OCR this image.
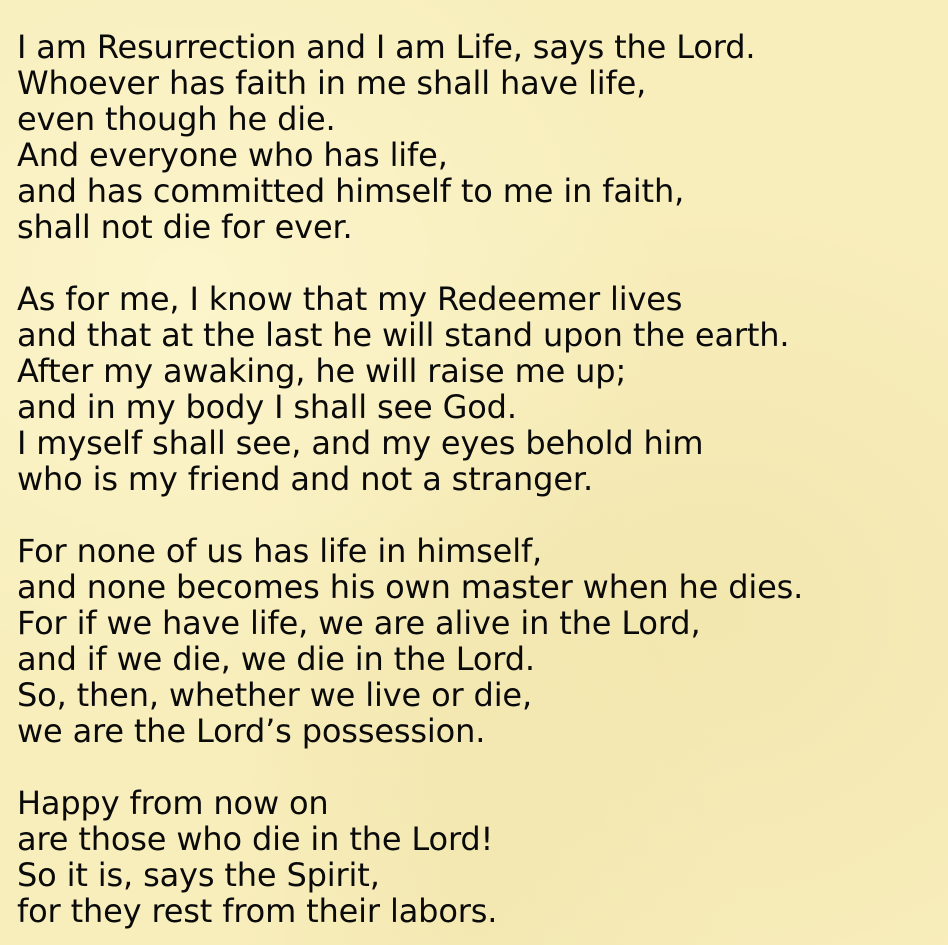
I am Resurrection and I am Life, says the Lord.
Whoever has faith in me shall have life,
even though he die.
And everyone who has life,
and has committed himself to me in faith,
shall not die for ever.
As for me, I know that my Redeemer lives
and that at the last he will stand upon the earth.
After my awaking, he will raise me up;
and in my body I shall see God.
I myself shall see, and my eyes behold him
who is my friend and not a stranger.
For none of us has life in himself,
and none becomes his own master when he dies.
For if we have life, we are alive in the Lord,
and if we die, we die in the Lord.
So, then, whether we live or die,
we are the Lord’s possession.
Happy from now on
are those who die in the Lord!
So it is, says the Spirit,
for they rest from their labors.
